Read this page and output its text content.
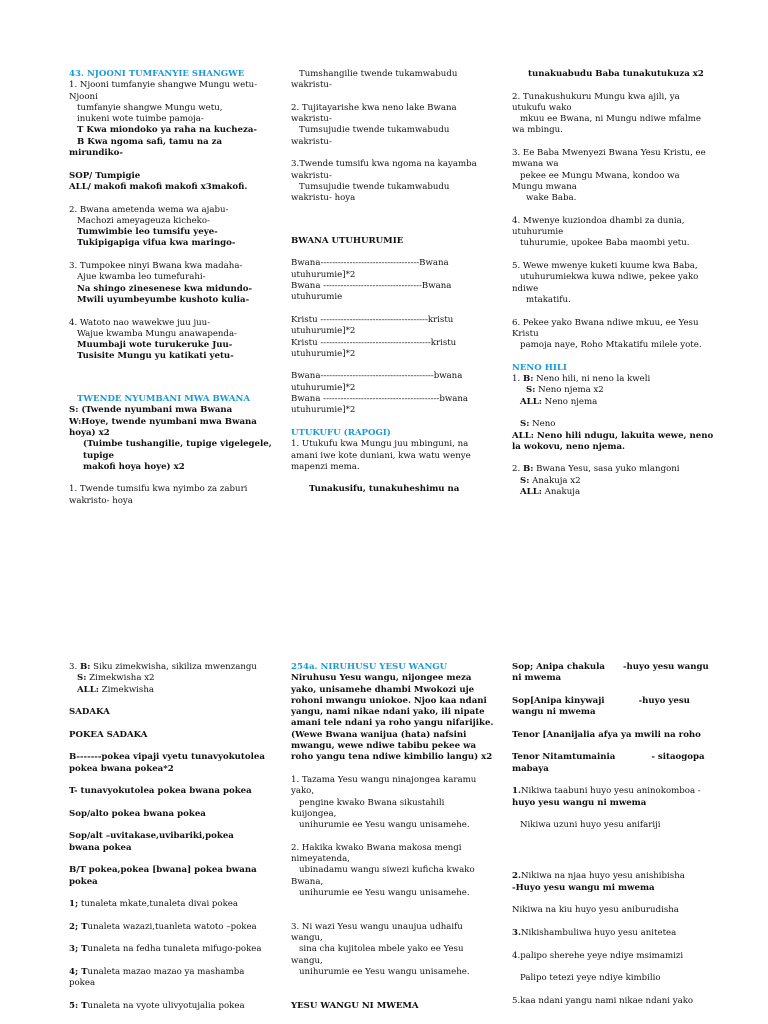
43. NJOONI TUMFANYIE SHANGWE

1. Njooni tumfanyie shangwe Mungu wetu-Njooni

tumfanyie shangwe Mungu wetu,

inukeni wote tuimbe pamoja-

T Kwa miondoko ya raha na kucheza-

B Kwa ngoma safi, tamu na za

mirundiko-

SOP/ Tumpigie

ALL/ makofi makofi makofi x3makofi.

2. Bwana ametenda wema wa ajabu-

Machozi ameyageuza kicheko-

Tumwimbie leo tumsifu yeye-

Tukipigapiga vifua kwa maringo-

3. Tumpokee ninyi Bwana kwa madaha-

Ajue kwamba leo tumefurahi-

Na shingo zinesenese kwa midundo-

Mwili uyumbeyumbe kushoto kulia-

4. Watoto nao wawekwe juu juu-

Wajue kwamba Mungu anawapenda-

Muumbaji wote turukeruke Juu-

Tusisite Mungu yu katikati yetu-

TWENDE NYUMBANI MWA BWANA

S: (Twende nyumbani mwa Bwana

W:Hoye, twende nyumbani mwa Bwana

hoya) x2

(Tuimbe tushangilie, tupige vigelegele, tupige

makofi hoya hoye) x2

1. Twende tumsifu kwa nyimbo za zaburi

wakristo- hoya

Tumshangilie twende tukamwabudu

wakristu-

2. Tujitayarishe kwa neno lake Bwana

wakristu-

Tumsujudie twende tukamwabudu

wakristu-

3.Twende tumsifu kwa ngoma na kayamba

wakristu-

Tumsujudie twende tukamwabudu

wakristu- hoya

BWANA UTUHURUMIE

Bwana----------------------------------Bwana

utuhurumie]*2

Bwana ----------------------------------Bwana

utuhurumie

Kristu -------------------------------------kristu

utuhurumie]*2

Kristu --------------------------------------kristu

utuhurumie]*2

Bwana---------------------------------------bwana

utuhurumie]*2

Bwana ----------------------------------------bwana

utuhurumie]*2

UTUKUFU (RAPOGI)

1. Utukufu kwa Mungu juu mbinguni, na

amani iwe kote duniani, kwa watu wenye

mapenzi mema.

Tunakusifu, tunakuheshimu na

tunakuabudu Baba tunakutukuza x2

2. Tunakushukuru Mungu kwa ajili, ya

utukufu wako

mkuu ee Bwana, ni Mungu ndiwe mfalme

wa mbingu.

3. Ee Baba Mwenyezi Bwana Yesu Kristu, ee

mwana wa

pekee ee Mungu Mwana, kondoo wa

Mungu mwana

wake Baba.

4. Mwenye kuziondoa dhambi za dunia,

utuhurumie

tuhurumie, upokee Baba maombi yetu.

5. Wewe mwenye kuketi kuume kwa Baba,

utuhurumiekwa kuwa ndiwe, pekee yako

ndiwe

mtakatifu.

6. Pekee yako Bwana ndiwe mkuu, ee Yesu

Kristu

pamoja naye, Roho Mtakatifu milele yote.

NENO HILI

1. B: Neno hili, ni neno la kweli

S: Neno njema x2

ALL: Neno njema

S: Neno

ALL: Neno hili ndugu, lakuita wewe, neno

la wokovu, neno njema.

2. B: Bwana Yesu, sasa yuko mlangoni

S: Anakuja x2

ALL: Anakuja

3. B: Siku zimekwisha, sikiliza mwenzangu

S: Zimekwisha x2

ALL: Zimekwisha

SADAKA

POKEA SADAKA

B-------pokea vipaji vyetu tunavyokutolea

pokea bwana pokea*2

T- tunavyokutolea pokea bwana pokea

Sop/alto pokea bwana pokea

Sop/alt –uvitakase,uvibariki,pokea

bwana pokea

B/T pokea,pokea [bwana] pokea bwana

pokea

1; tunaleta mkate,tunaleta divai pokea

2; Tunaleta wazazi,tuanleta watoto –pokea

3; Tunaleta na fedha tunaleta mifugo-pokea

4; Tunaleta mazao mazao ya mashamba

pokea

5: Tunaleta na vyote ulivyotujalia pokea

254a. NIRUHUSU YESU WANGU

Niruhusu Yesu wangu, nijongee meza

yako, unisamehe dhambi Mwokozi uje

rohoni mwangu uniokoe. Njoo kaa ndani

yangu, nami nikae ndani yako, ili nipate

amani tele ndani ya roho yangu nifarijike.

(Wewe Bwana wanijua (hata) nafsini

mwangu, wewe ndiwe tabibu pekee wa

roho yangu tena ndiwe kimbilio langu) x2

1. Tazama Yesu wangu ninajongea karamu

yako,

pengine kwako Bwana sikustahili

kuijongea,

unihurumie ee Yesu wangu unisamehe.

2. Hakika kwako Bwana makosa mengi

nimeyatenda,

ubinadamu wangu siwezi kuficha kwako

Bwana,

unihurumie ee Yesu wangu unisamehe.

3. Ni wazi Yesu wangu unaujua udhaifu

wangu,

sina cha kujitolea mbele yako ee Yesu

wangu,

unihurumie ee Yesu wangu unisamehe.

YESU WANGU NI MWEMA

Sop; Anipa chakula -huyo yesu wangu

ni mwema

Sop[Anipa kinywaji	-huyo yesu

wangu ni mwema

Tenor [Ananijalia afya ya mwili na roho

Tenor Nitamtumainia	- sitaogopa

mabaya

1.Nikiwa taabuni huyo yesu aninokomboa -

huyo yesu wangu ni mwema

Nikiwa uzuni huyo yesu anifariji

2.Nikiwa na njaa huyo yesu anishibisha

-Huyo yesu wangu mi mwema

Nikiwa na kiu huyo yesu aniburudisha

3.Nikishambuliwa huyo yesu anitetea

4.palipo sherehe yeye ndiye msimamizi

Palipo tetezi yeye ndiye kimbilio

5.kaa ndani yangu nami nikae ndani yako
